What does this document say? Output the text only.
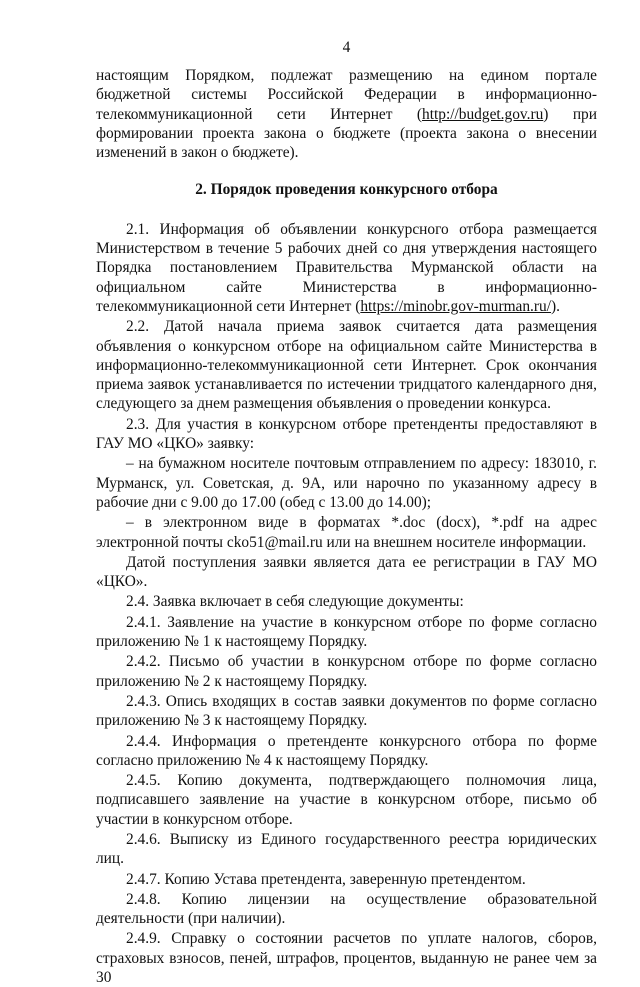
4

настоящим Порядком, подлежат размещению на едином портале бюджетной системы Российской Федерации в информационно-телекоммуникационной сети Интернет (http://budget.gov.ru) при формировании проекта закона о бюджете (проекта закона о внесении изменений в закон о бюджете).

2. Порядок проведения конкурсного отбора

2.1. Информация об объявлении конкурсного отбора размещается Министерством в течение 5 рабочих дней со дня утверждения настоящего Порядка постановлением Правительства Мурманской области на официальном сайте Министерства в информационно-телекоммуникационной сети Интернет (https://minobr.gov-murman.ru/).

2.2. Датой начала приема заявок считается дата размещения объявления о конкурсном отборе на официальном сайте Министерства в информационно-телекоммуникационной сети Интернет. Срок окончания приема заявок устанавливается по истечении тридцатого календарного дня, следующего за днем размещения объявления о проведении конкурса.

2.3. Для участия в конкурсном отборе претенденты предоставляют в ГАУ МО «ЦКО» заявку:

– на бумажном носителе почтовым отправлением по адресу: 183010, г. Мурманск, ул. Советская, д. 9А, или нарочно по указанному адресу в рабочие дни с 9.00 до 17.00 (обед с 13.00 до 14.00);

– в электронном виде в форматах *.doc (docx), *.pdf на адрес электронной почты cko51@mail.ru или на внешнем носителе информации.

Датой поступления заявки является дата ее регистрации в ГАУ МО «ЦКО».

2.4. Заявка включает в себя следующие документы:

2.4.1. Заявление на участие в конкурсном отборе по форме согласно приложению № 1 к настоящему Порядку.

2.4.2. Письмо об участии в конкурсном отборе по форме согласно приложению № 2 к настоящему Порядку.

2.4.3. Опись входящих в состав заявки документов по форме согласно приложению № 3 к настоящему Порядку.

2.4.4. Информация о претенденте конкурсного отбора по форме согласно приложению № 4 к настоящему Порядку.

2.4.5. Копию документа, подтверждающего полномочия лица, подписавшего заявление на участие в конкурсном отборе, письмо об участии в конкурсном отборе.

2.4.6. Выписку из Единого государственного реестра юридических лиц.

2.4.7. Копию Устава претендента, заверенную претендентом.

2.4.8. Копию лицензии на осуществление образовательной деятельности (при наличии).

2.4.9. Справку о состоянии расчетов по уплате налогов, сборов, страховых взносов, пеней, штрафов, процентов, выданную не ранее чем за 30
